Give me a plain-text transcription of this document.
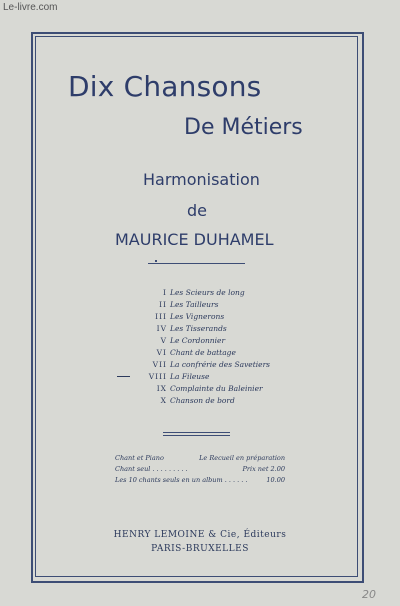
Le-livre.com
Dix Chansons
De Métiers
Harmonisation
de
MAURICE DUHAMEL
I Les Scieurs de long
II Les Tailleurs
III Les Vignerons
IV Les Tisserands
V Le Cordonnier
VI Chant de battage
VII La confrérie des Savetiers
VIII La Fileuse
IX Complainte du Baleinier
X Chanson de bord
Chant et Piano	Le Recueil en préparation
Chant seul . . . . . . . . .	Prix net 2.00
Les 10 chants seuls en un album . . . . . .	10.00
HENRY LEMOINE & Cie, Éditeurs
PARIS-BRUXELLES
20
